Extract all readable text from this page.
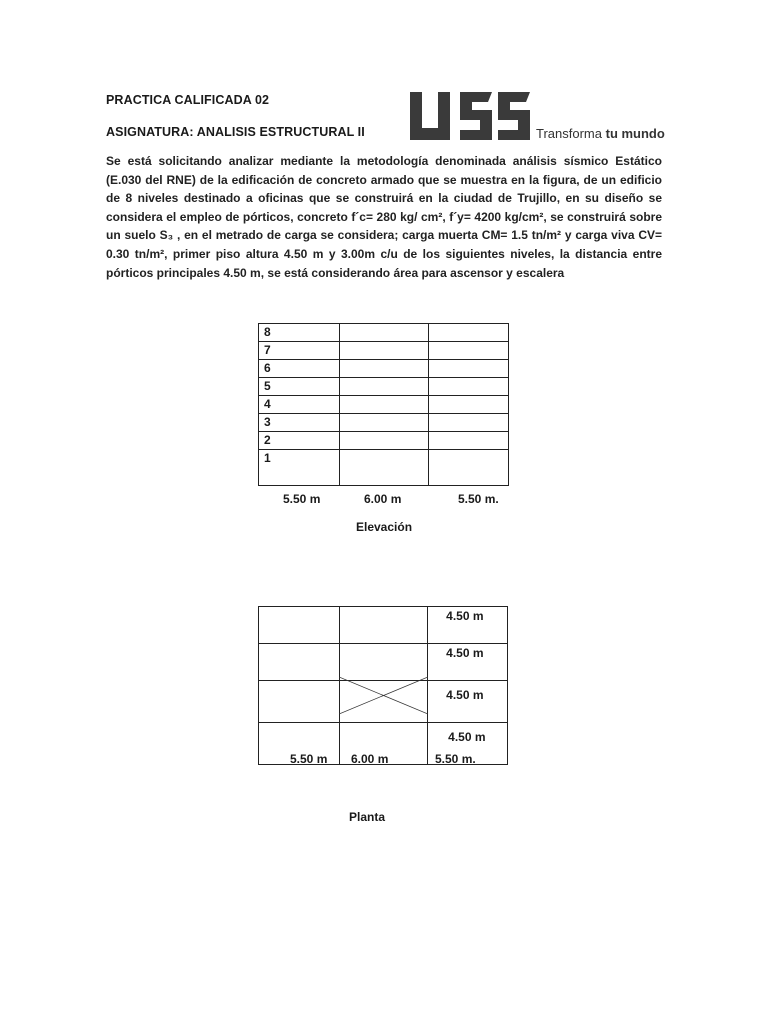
PRACTICA CALIFICADA 02
ASIGNATURA: ANALISIS ESTRUCTURAL II	Transforma tu mundo
Se está solicitando analizar mediante la metodología denominada análisis sísmico Estático (E.030 del RNE) de la edificación de concreto armado que se muestra en la figura, de un edificio de 8 niveles destinado a oficinas que se construirá en la ciudad de Trujillo, en su diseño se considera el empleo de pórticos, concreto f´c= 280 kg/ cm², f´y= 4200 kg/cm², se construirá sobre un suelo S₃ , en el metrado de carga se considera; carga muerta CM= 1.5 tn/m² y carga viva CV= 0.30 tn/m², primer piso altura 4.50 m y 3.00m c/u de los siguientes niveles, la distancia entre pórticos principales 4.50 m, se está considerando área para ascensor y escalera
8		
7		
6		
5		
4		
3		
2		
1		
5.50 m	6.00 m	5.50 m.
Elevación
		4.50 m
		4.50 m
		4.50 m
		4.50 m
5.50 m 6.00 m	5.50 m.
Planta
